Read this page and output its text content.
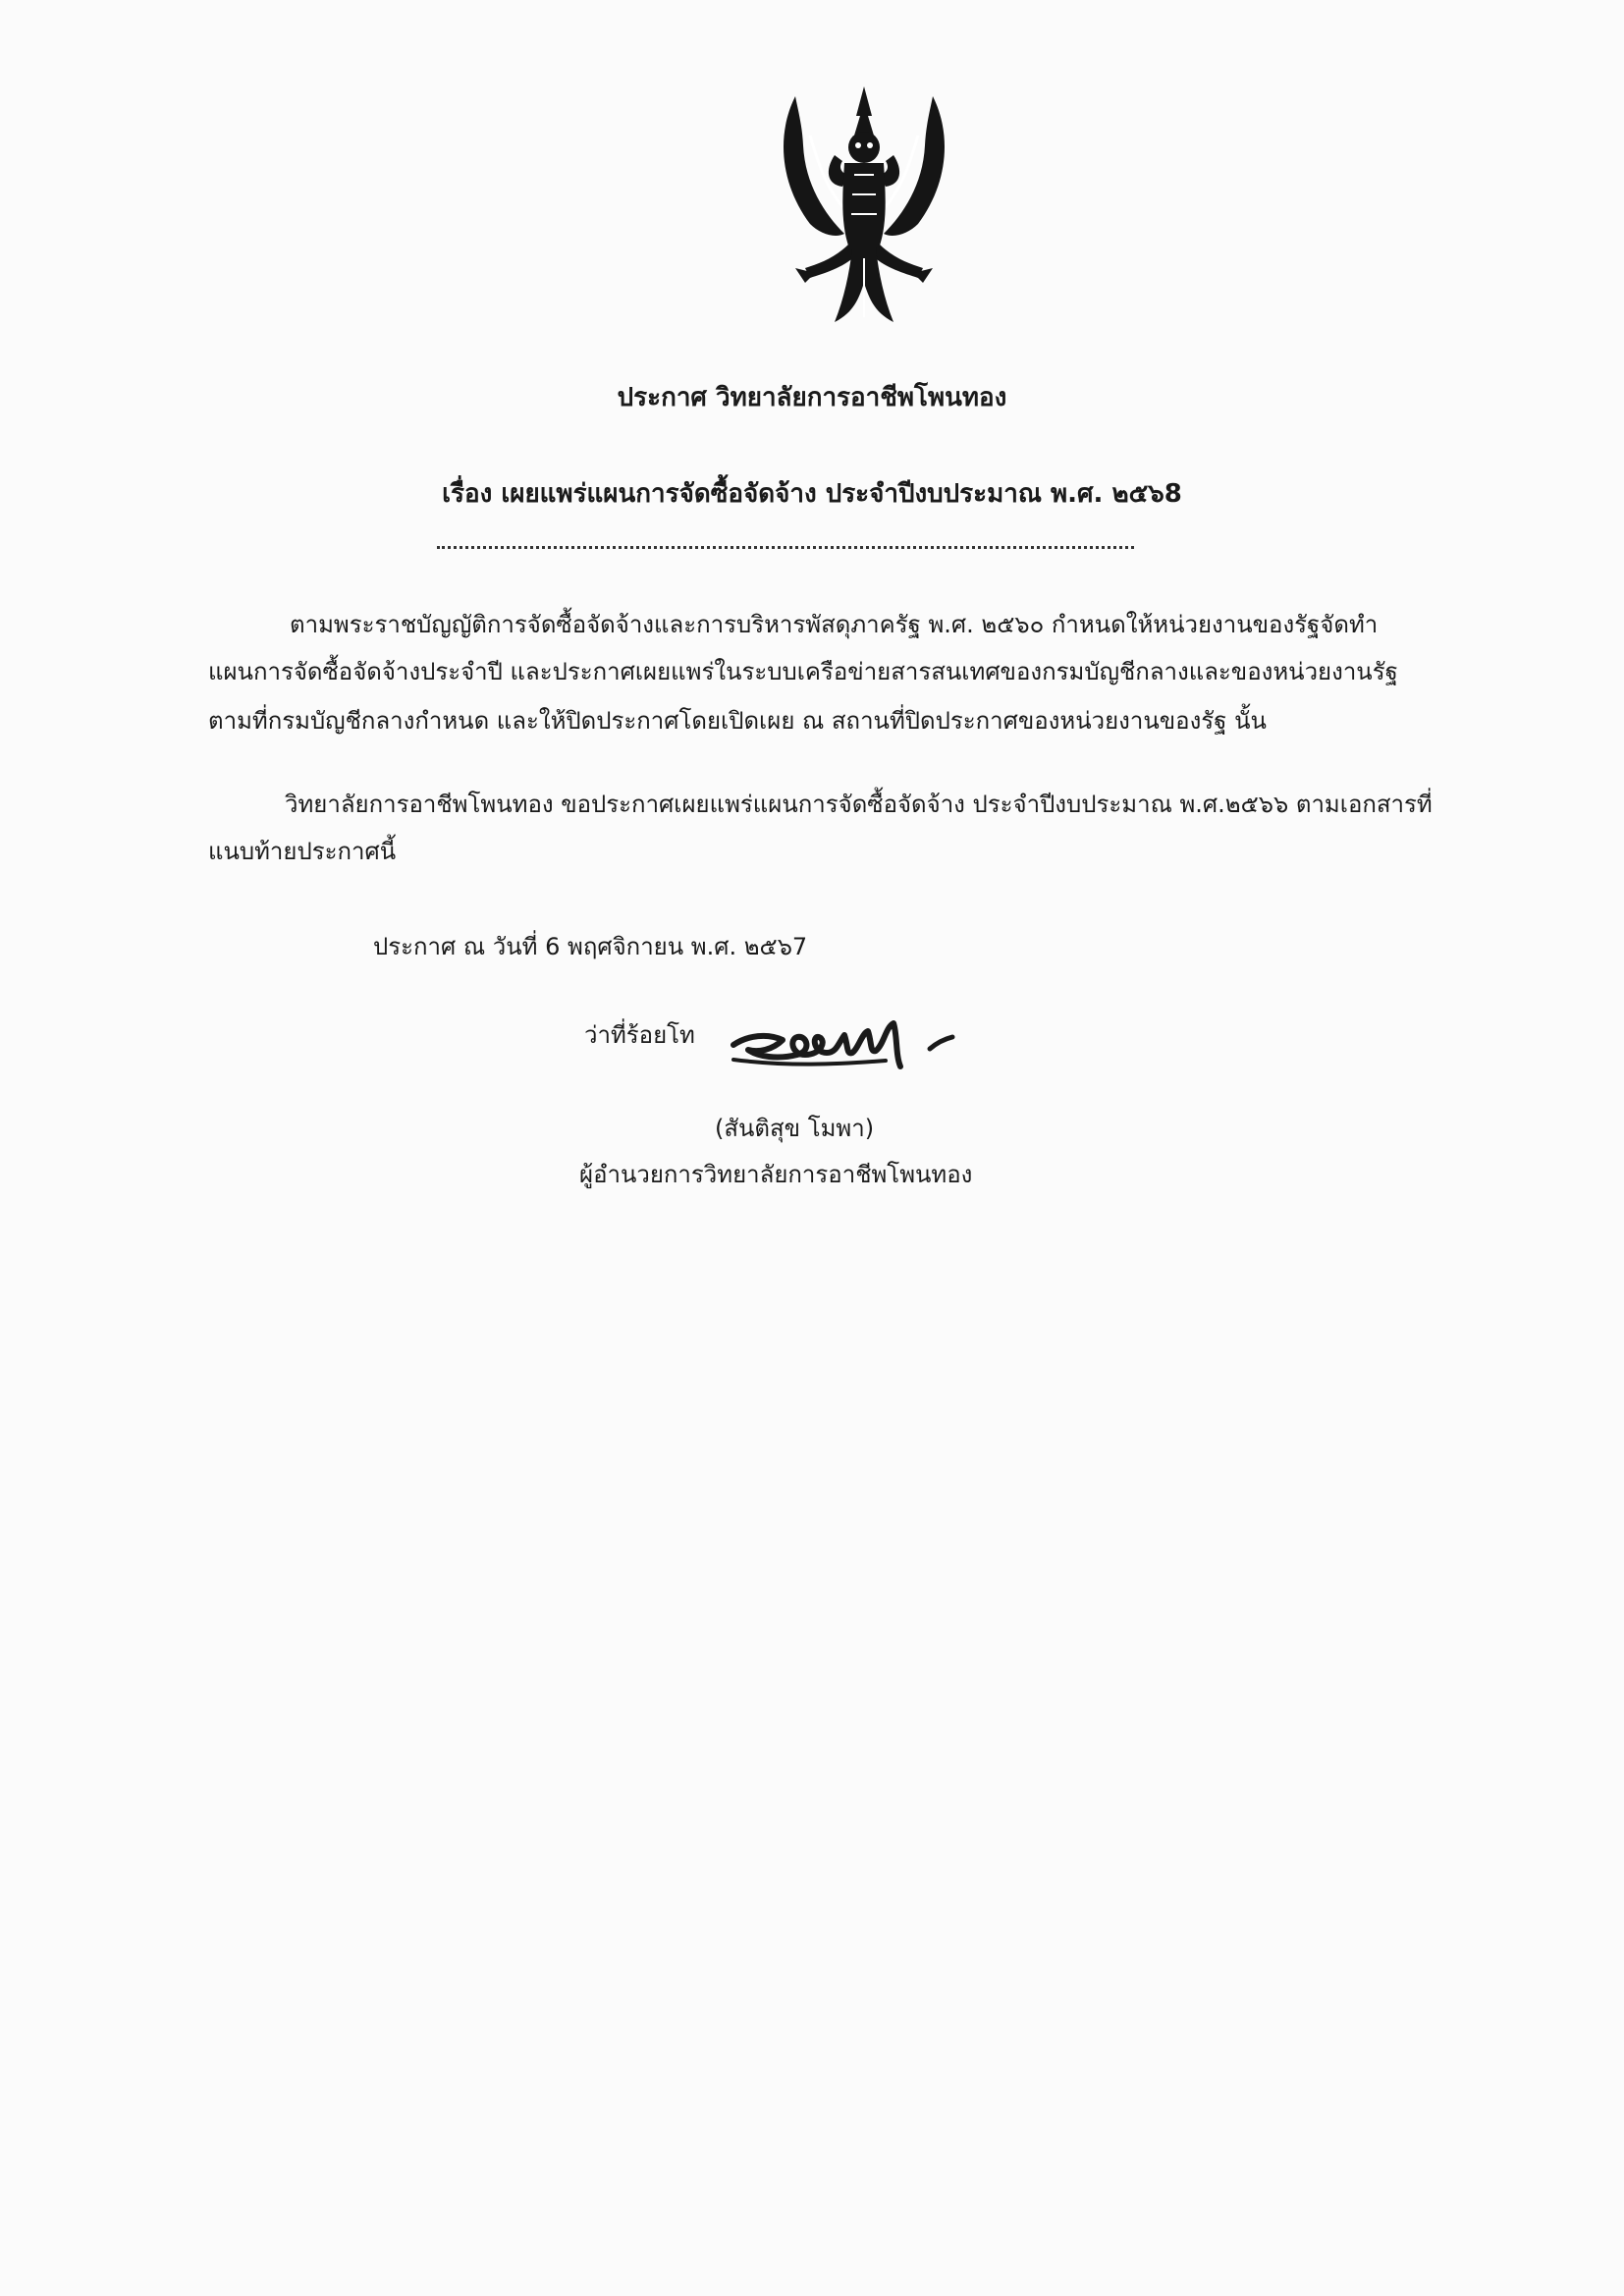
ประกาศ วิทยาลัยการอาชีพโพนทอง
เรื่อง เผยแพร่แผนการจัดซื้อจัดจ้าง ประจำปีงบประมาณ พ.ศ. ๒๕๖8
ตามพระราชบัญญัติการจัดซื้อจัดจ้างและการบริหารพัสดุภาครัฐ พ.ศ. ๒๕๖๐ กำหนดให้หน่วยงานของรัฐจัดทำ
แผนการจัดซื้อจัดจ้างประจำปี และประกาศเผยแพร่ในระบบเครือข่ายสารสนเทศของกรมบัญชีกลางและของหน่วยงานรัฐ
ตามที่กรมบัญชีกลางกำหนด และให้ปิดประกาศโดยเปิดเผย ณ สถานที่ปิดประกาศของหน่วยงานของรัฐ นั้น
วิทยาลัยการอาชีพโพนทอง ขอประกาศเผยแพร่แผนการจัดซื้อจัดจ้าง ประจำปีงบประมาณ พ.ศ.๒๕๖๖ ตามเอกสารที่
แนบท้ายประกาศนี้
ประกาศ ณ วันที่ 6 พฤศจิกายน พ.ศ. ๒๕๖7
ว่าที่ร้อยโท
(สันติสุข โมพา)
ผู้อำนวยการวิทยาลัยการอาชีพโพนทอง
